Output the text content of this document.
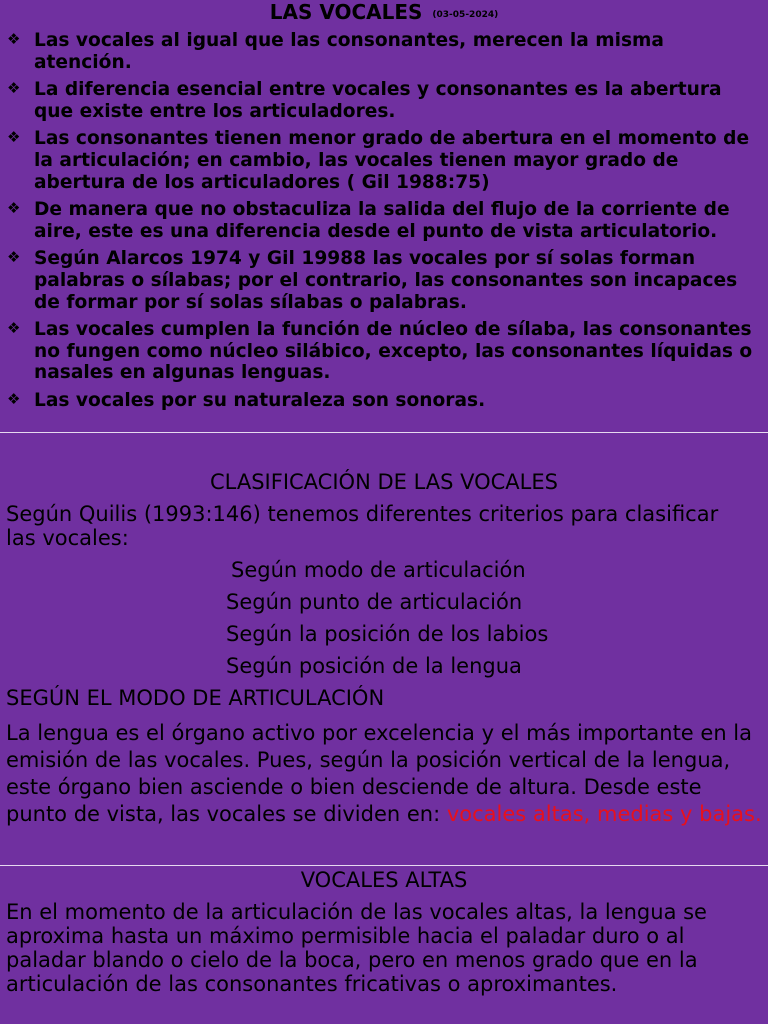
LAS VOCALES (03-05-2024)
❖ Las vocales al igual que las consonantes, merecen la misma atención.
❖ La diferencia esencial entre vocales y consonantes es la abertura que existe entre los articuladores.
❖ Las consonantes tienen menor grado de abertura en el momento de la articulación; en cambio, las vocales tienen mayor grado de abertura de los articuladores ( Gil 1988:75)
❖ De manera que no obstaculiza la salida del flujo de la corriente de aire, este es una diferencia desde el punto de vista articulatorio.
❖ Según Alarcos 1974 y Gil 19988 las vocales por sí solas forman palabras o sílabas; por el contrario, las consonantes son incapaces de formar por sí solas sílabas o palabras.
❖ Las vocales cumplen la función de núcleo de sílaba, las consonantes no fungen como núcleo silábico, excepto, las consonantes líquidas o nasales en algunas lenguas.
❖ Las vocales por su naturaleza son sonoras.
CLASIFICACIÓN DE LAS VOCALES
Según Quilis (1993:146) tenemos diferentes criterios para clasificar las vocales:
Según modo de articulación
Según punto de articulación
Según la posición de los labios
Según posición de la lengua
SEGÚN EL MODO DE ARTICULACIÓN
La lengua es el órgano activo por excelencia y el más importante en la emisión de las vocales. Pues, según la posición vertical de la lengua, este órgano bien asciende o bien desciende de altura. Desde este punto de vista, las vocales se dividen en: vocales altas, medias y bajas.
VOCALES ALTAS
En el momento de la articulación de las vocales altas, la lengua se aproxima hasta un máximo permisible hacia el paladar duro o al paladar blando o cielo de la boca, pero en menos grado que en la articulación de las consonantes fricativas o aproximantes.
